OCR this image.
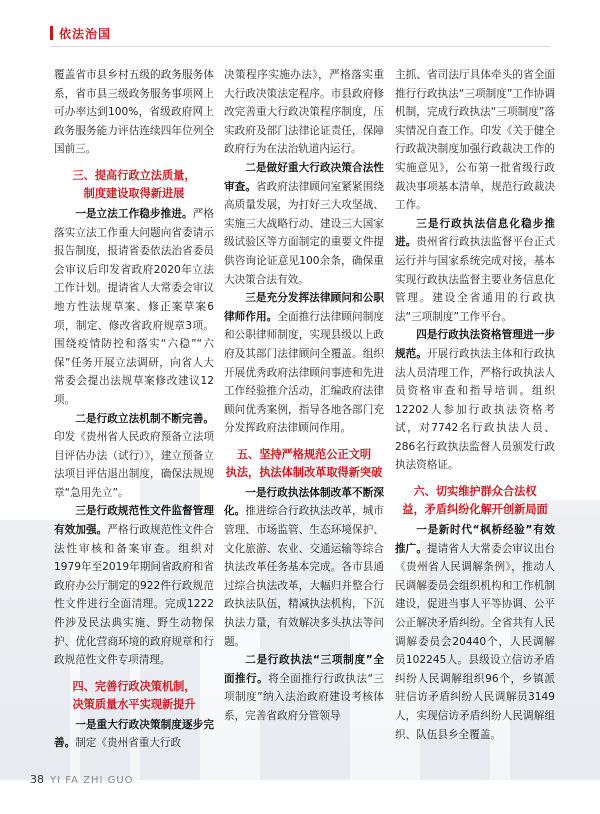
依法治国

覆盖省市县乡村五级的政务服务体系，省市县三级政务服务事项网上可办率达到100%，省级政府网上政务服务能力评估连续四年位列全国前三。

三、提高行政立法质量，
制度建设取得新进展

一是立法工作稳步推进。严格落实立法工作重大问题向省委请示报告制度，报请省委依法治省委员会审议后印发省政府2020年立法工作计划。提请省人大常委会审议地方性法规草案、修正案草案6项，制定、修改省政府规章3项。围绕疫情防控和落实“六稳”“六保”任务开展立法调研，向省人大常委会提出法规草案修改建议12项。

二是行政立法机制不断完善。印发《贵州省人民政府预备立法项目评估办法（试行）》，建立预备立法项目评估退出制度，确保法规规章“急用先立”。

三是行政规范性文件监督管理有效加强。严格行政规范性文件合法性审核和备案审查。组织对1979年至2019年期间省政府和省政府办公厅制定的922件行政规范性文件进行全面清理。完成1222件涉及民法典实施、野生动物保护、优化营商环境的政府规章和行政规范性文件专项清理。

四、完善行政决策机制，
决策质量水平实现新提升

一是重大行政决策制度逐步完善。制定《贵州省重大行政

决策程序实施办法》，严格落实重大行政决策法定程序。市县政府修改完善重大行政决策程序制度，压实政府及部门法律论证责任，保障政府行为在法治轨道内运行。

二是做好重大行政决策合法性审查。省政府法律顾问室紧紧围绕高质量发展，为打好三大攻坚战、实施三大战略行动、建设三大国家级试验区等方面制定的重要文件提供咨询论证意见100余条，确保重大决策合法有效。

三是充分发挥法律顾问和公职律师作用。全面推行法律顾问制度和公职律师制度，实现县级以上政府及其部门法律顾问全覆盖。组织开展优秀政府法律顾问事迹和先进工作经验推介活动，汇编政府法律顾问优秀案例，指导各地各部门充分发挥政府法律顾问作用。

五、坚持严格规范公正文明
执法，执法体制改革取得新突破

一是行政执法体制改革不断深化。推进综合行政执法改革，城市管理、市场监管、生态环境保护、文化旅游、农业、交通运输等综合执法改革任务基本完成。各市县通过综合执法改革，大幅归并整合行政执法队伍，精减执法机构，下沉执法力量，有效解决多头执法等问题。

二是行政执法“三项制度”全面推行。将全面推行行政执法“三项制度”纳入法治政府建设考核体系，完善省政府分管领导

主抓、省司法厅具体牵头的省全面推行行政执法“三项制度”工作协调机制，完成行政执法“三项制度”落实情况自查工作。印发《关于健全行政裁决制度加强行政裁决工作的实施意见》，公布第一批省级行政裁决事项基本清单，规范行政裁决工作。

三是行政执法信息化稳步推进。贵州省行政执法监督平台正式运行并与国家系统完成对接，基本实现行政执法监督主要业务信息化管理。建设全省通用的行政执法“三项制度”工作平台。

四是行政执法资格管理进一步规范。开展行政执法主体和行政执法人员清理工作，严格行政执法人员资格审查和指导培训。组织12202人参加行政执法资格考试，对7742名行政执法人员、286名行政执法监督人员颁发行政执法资格证。

六、切实维护群众合法权
益，矛盾纠纷化解开创新局面

一是新时代“枫桥经验”有效推广。提请省人大常委会审议出台《贵州省人民调解条例》，推动人民调解委员会组织机构和工作机制建设，促进当事人平等协调、公平公正解决矛盾纠纷。全省共有人民调解委员会20440个，人民调解员102245人。县级设立信访矛盾纠纷人民调解组织96个，乡镇派驻信访矛盾纠纷人民调解员3149人，实现信访矛盾纠纷人民调解组织、队伍县乡全覆盖。

38 YI FA ZHI GUO
